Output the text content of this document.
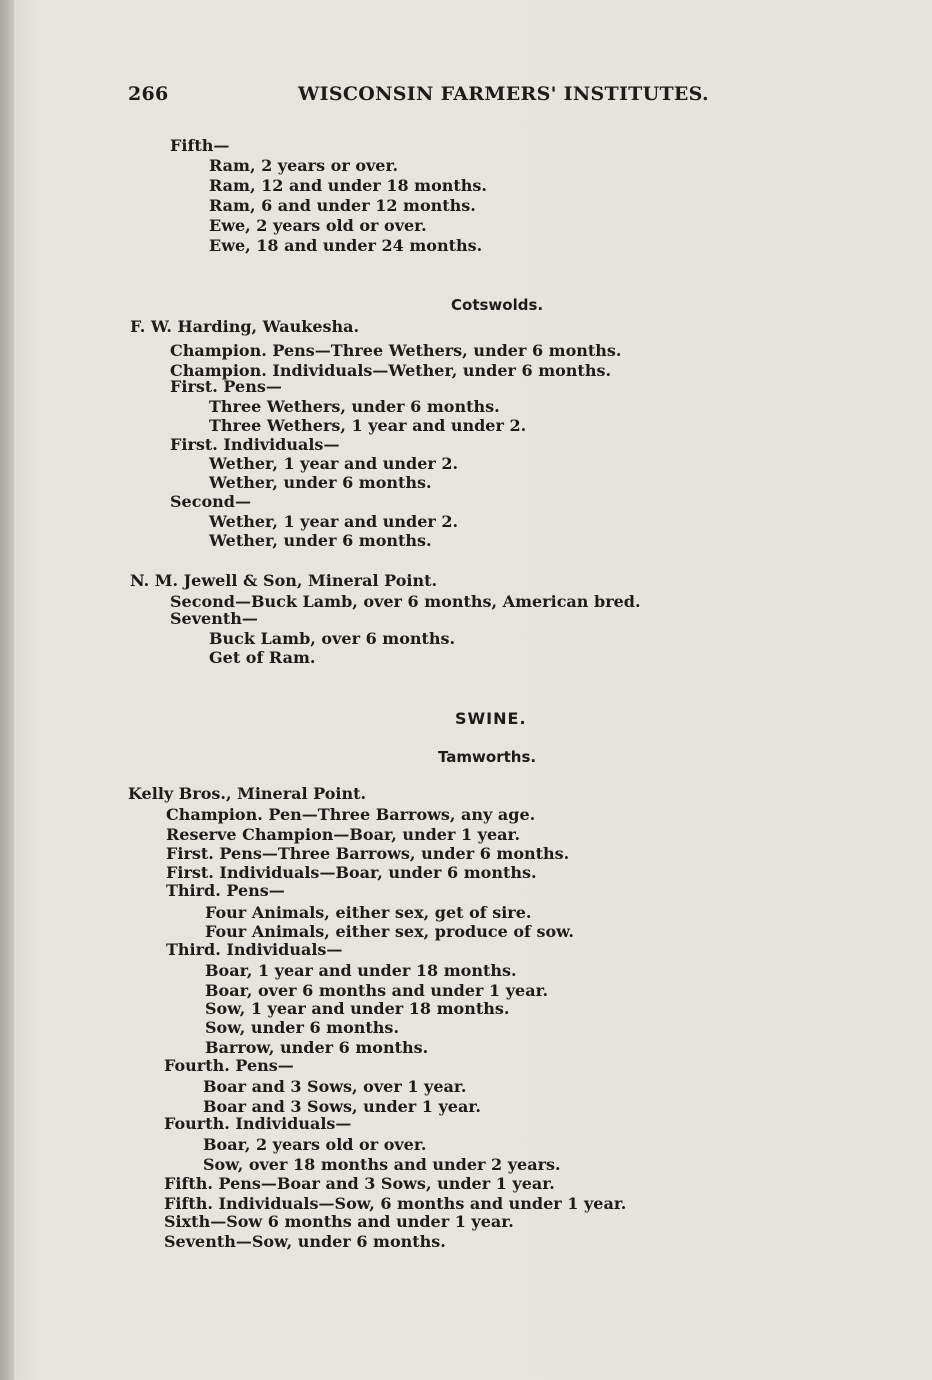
266	WISCONSIN FARMERS' INSTITUTES.
Fifth—
Ram, 2 years or over.
Ram, 12 and under 18 months.
Ram, 6 and under 12 months.
Ewe, 2 years old or over.
Ewe, 18 and under 24 months.
Cotswolds.
F. W. Harding, Waukesha.
Champion. Pens—Three Wethers, under 6 months.
Champion. Individuals—Wether, under 6 months.
First. Pens—
Three Wethers, under 6 months.
Three Wethers, 1 year and under 2.
First. Individuals—
Wether, 1 year and under 2.
Wether, under 6 months.
Second—
Wether, 1 year and under 2.
Wether, under 6 months.
N. M. Jewell & Son, Mineral Point.
Second—Buck Lamb, over 6 months, American bred.
Seventh—
Buck Lamb, over 6 months.
Get of Ram.
SWINE.
Tamworths.
Kelly Bros., Mineral Point.
Champion. Pen—Three Barrows, any age.
Reserve Champion—Boar, under 1 year.
First. Pens—Three Barrows, under 6 months.
First. Individuals—Boar, under 6 months.
Third. Pens—
Four Animals, either sex, get of sire.
Four Animals, either sex, produce of sow.
Third. Individuals—
Boar, 1 year and under 18 months.
Boar, over 6 months and under 1 year.
Sow, 1 year and under 18 months.
Sow, under 6 months.
Barrow, under 6 months.
Fourth. Pens—
Boar and 3 Sows, over 1 year.
Boar and 3 Sows, under 1 year.
Fourth. Individuals—
Boar, 2 years old or over.
Sow, over 18 months and under 2 years.
Fifth. Pens—Boar and 3 Sows, under 1 year.
Fifth. Individuals—Sow, 6 months and under 1 year.
Sixth—Sow 6 months and under 1 year.
Seventh—Sow, under 6 months.
